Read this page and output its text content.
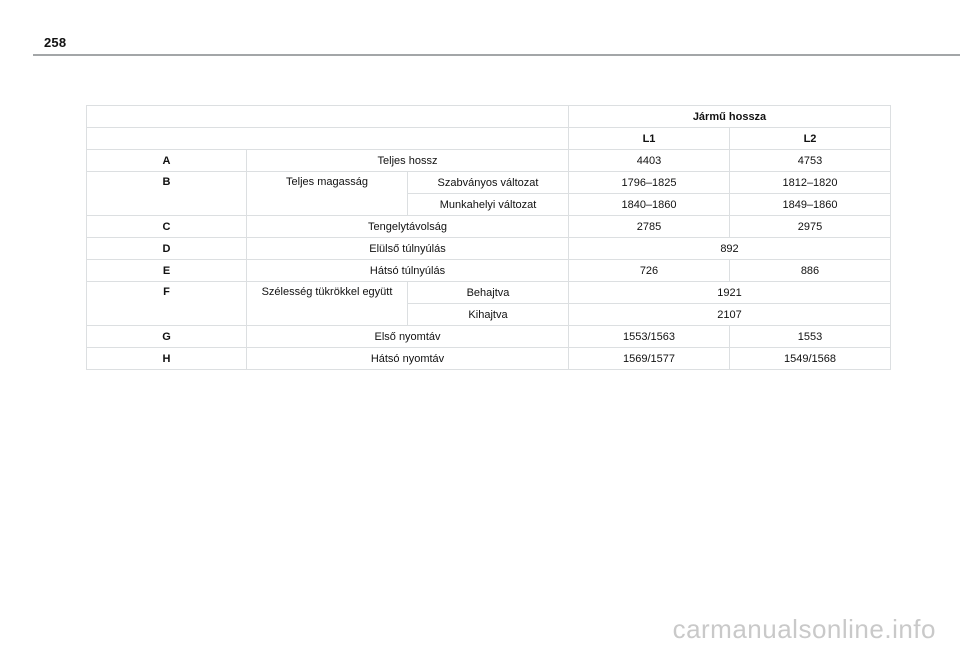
258
			Jármű hossza	
			L1	L2
A	Teljes hossz		4403	4753
B	Teljes magasság	Szabványos változat	1796–1825	1812–1820
		Munkahelyi változat	1840–1860	1849–1860
C	Tengelytávolság		2785	2975
D	Elülső túlnyúlás		892	
E	Hátsó túlnyúlás		726	886
F	Szélesség tükrökkel együtt	Behajtva	1921	
		Kihajtva	2107	
G	Első nyomtáv		1553/1563	1553
H	Hátsó nyomtáv		1569/1577	1549/1568
carmanualsonline.info
